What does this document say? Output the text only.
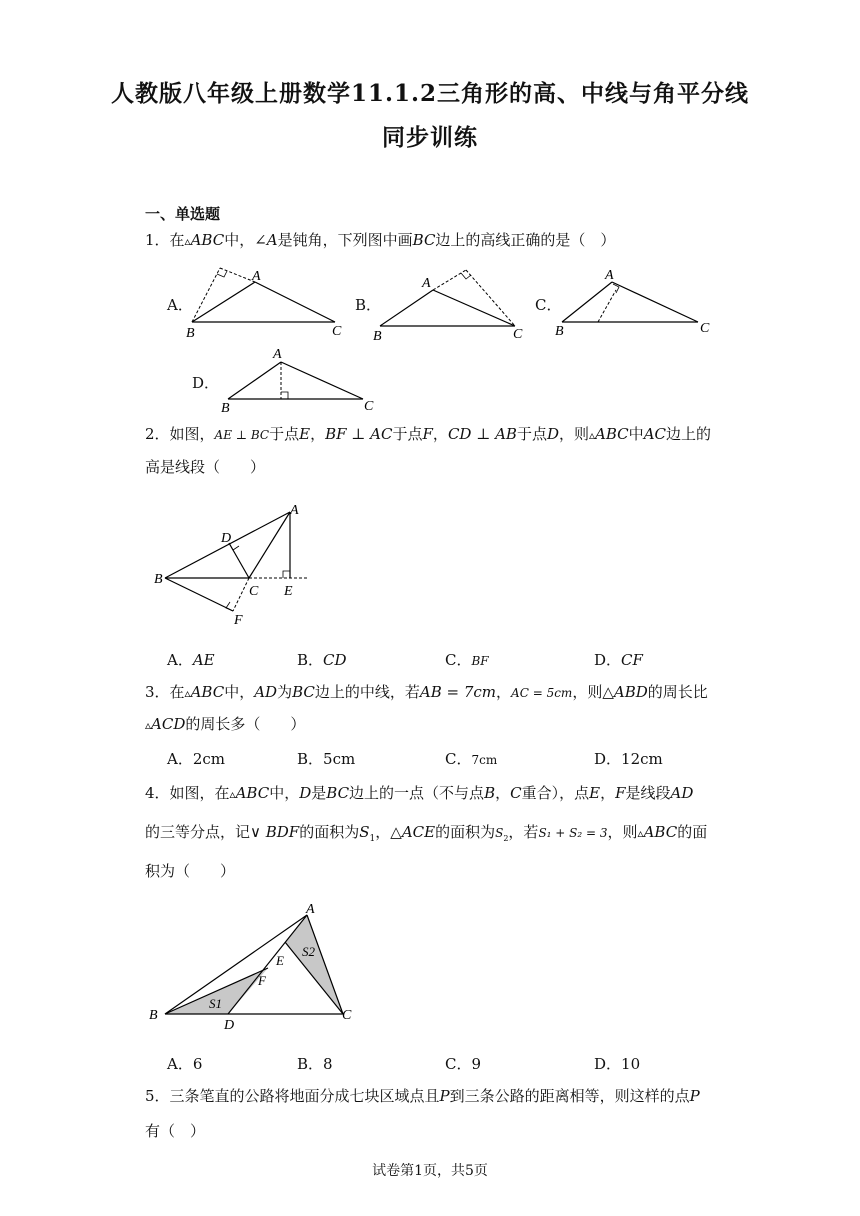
人教版八年级上册数学11.1.2三角形的高、中线与角平分线
同步训练
一、单选题
1．在▵ABC中，∠A是钝角，下列图中画BC边上的高线正确的是（　）
A．	B．	C．
D．
A
B	C
A
B	C
A
B	C
A
B	C
2．如图，AE ⊥ BC于点E，BF ⊥ AC于点F，CD ⊥ AB于点D，则▵ABC中AC边上的
高是线段（　　）
A
B
C
D
E
F
A．AE	B．CD	C．BF	D．CF
3．在▵ABC中，AD为BC边上的中线，若AB = 7cm，AC = 5cm，则△ABD的周长比
▵ACD的周长多（　　）
A．2cm	B．5cm	C．7cm	D．12cm
4．如图，在▵ABC中，D是BC边上的一点（不与点B，C重合），点E，F是线段AD
的三等分点，记∨ BDF的面积为$S_1$，△ACE的面积为$S_2$，若S₁ + S₂ = 3，则▵ABC的面
积为（　　）
A
B	C
D
E
F
S1
S2
A．6	B．8	C．9	D．10
5．三条笔直的公路将地面分成七块区域点且P到三条公路的距离相等，则这样的点P
有（　）
试卷第1页，共5页
